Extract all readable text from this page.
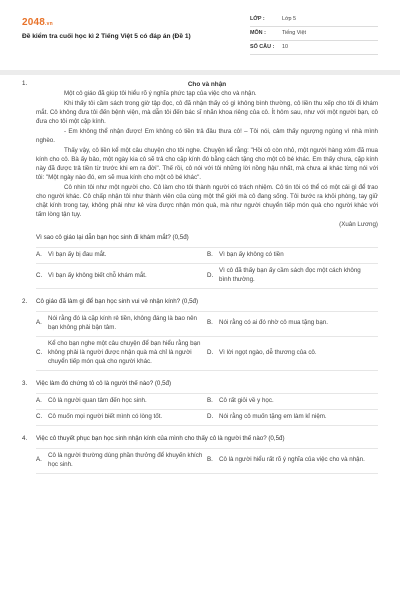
2048.vn
Đề kiểm tra cuối học kì 2 Tiếng Việt 5 có đáp án (Đề 1)
LỚP :	Lớp 5
MÔN :	Tiếng Việt
SỐ CÂU :	10
1.	Cho và nhận

Một cô giáo đã giúp tôi hiểu rõ ý nghĩa phức tạp của việc cho và nhận.

Khi thấy tôi cầm sách trong giờ tập đọc, cô đã nhận thấy có gì không bình thường, cô liền thu xếp cho tôi đi khám mắt. Cô không đưa tôi đến bệnh viện, mà dẫn tôi đến bác sĩ nhãn khoa riêng của cô. Ít hôm sau, như với một người bạn, cô đưa cho tôi một cặp kính.

- Em không thể nhận được! Em không có tiền trả đâu thưa cô! – Tôi nói, cảm thấy ngượng ngùng vì nhà mình nghèo.

Thấy vậy, cô liền kể một câu chuyện cho tôi nghe. Chuyện kể rằng: "Hồi cô còn nhỏ, một người hàng xóm đã mua kính cho cô. Bà ấy bảo, một ngày kia cô sẽ trả cho cặp kính đó bằng cách tặng cho một cô bé khác. Em thấy chưa, cặp kính này đã được trả tiền từ trước khi em ra đời". Thế rồi, cô nói với tôi những lời nồng hậu nhất, mà chưa ai khác từng nói với tôi: "Một ngày nào đó, em sẽ mua kính cho một cô bé khác".

Cô nhìn tôi như một người cho. Cô làm cho tôi thành người có trách nhiệm. Cô tin tôi có thể có một cái gì để trao cho người khác. Cô chấp nhận tôi như thành viên của cùng một thế giới mà cô đang sống. Tôi bước ra khỏi phòng, tay giữ chặt kính trong tay, không phải như kẻ vừa được nhận món quà, mà như người chuyển tiếp món quà cho người khác với tấm lòng tận tụy.

(Xuân Lương)
Vì sao cô giáo lại dẫn bạn học sinh đi khám mắt? (0,5đ)
A. Vì bạn ấy bị đau mắt.	B. Vì bạn ấy không có tiền
C. Vì bạn ấy không biết chỗ khám mắt.	D.
Vì cô đã thấy bạn ấy cầm sách đọc một cách không bình thường.
2. Cô giáo đã làm gì để bạn học sinh vui vẻ nhận kính? (0,5đ)
A.
Nói rằng đó là cặp kính rẻ tiền, không đáng là bao nên bạn không phải bận tâm.
B. Nói rằng có ai đó nhờ cô mua tặng bạn.
C.
Kể cho bạn nghe một câu chuyện để bạn hiểu rằng bạn không phải là người được nhận quà mà chỉ là người chuyển tiếp món quà cho người khác.
D. Vì lời ngọt ngào, dễ thương của cô.
3. Việc làm đó chứng tỏ cô là người thế nào? (0,5đ)
A. Cô là người quan tâm đến học sinh.	B. Cô rất giỏi về y học.
C. Cô muốn mọi người biết mình có lòng tốt.	D. Nói rằng cô muốn tặng em làm kỉ niệm.
4. Việc cô thuyết phục bạn học sinh nhận kính của mình cho thấy cô là người thế nào? (0,5đ)
A.
Cô là người thường dùng phần thưởng để khuyến khích học sinh.
B. Cô là người hiểu rất rõ ý nghĩa của việc cho và nhận.
